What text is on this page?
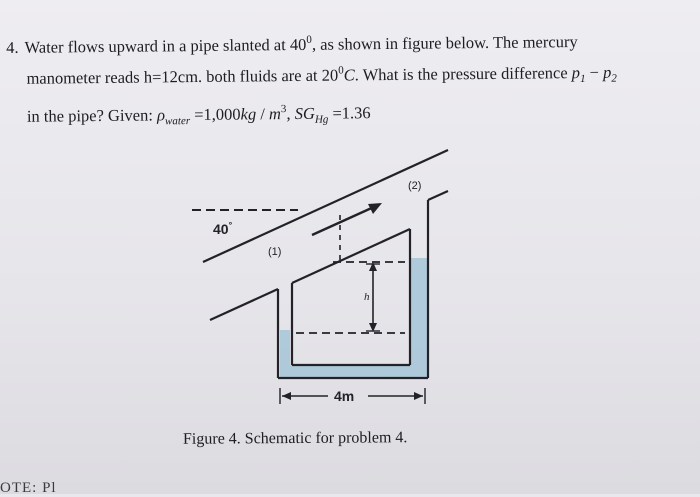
4. Water flows upward in a pipe slanted at $40^0$, as shown in figure below. The mercury
manometer reads h=12cm. both fluids are at $20^0C$. What is the pressure difference $p_1 - p_2$
in the pipe? Given: $\rho_{water} =1,000kg / m^3$, $SG_{Hg} =1.36$
40°
(1)
(2)
h
4m
Figure 4. Schematic for problem 4.
OTE: Pl
